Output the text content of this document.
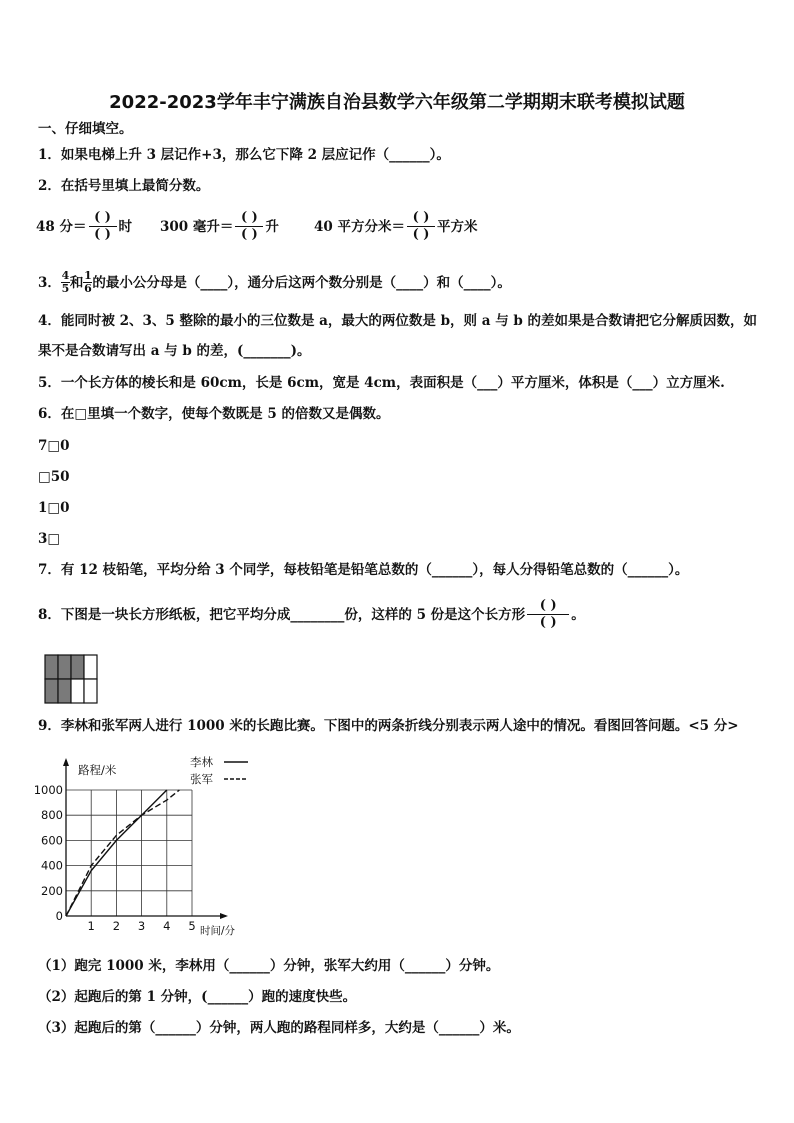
2022-2023学年丰宁满族自治县数学六年级第二学期期末联考模拟试题
一、仔细填空。
1．如果电梯上升 3 层记作+3，那么它下降 2 层应记作（______）。
2．在括号里填上最简分数。
48 分＝ $\frac{( )}{( )}$ 时 300 毫升＝ $\frac{( )}{( )}$ 升	40 平方分米＝ $\frac{( )}{( )}$ 平方米
3． $\frac{4}{5}$ 和 $\frac{1}{6}$ 的最小公分母是（____），通分后这两个数分别是（____）和（____）。
4．能同时被 2、3、5 整除的最小的三位数是 a，最大的两位数是 b，则 a 与 b 的差如果是合数请把它分解质因数，如
果不是合数请写出 a 与 b 的差，(_______)。
5．一个长方体的棱长和是 60cm，长是 6cm，宽是 4cm，表面积是（___）平方厘米，体积是（___）立方厘米.
6．在□里填一个数字，使每个数既是 5 的倍数又是偶数。
7□0
□50
1□0
3□
7．有 12 枝铅笔，平均分给 3 个同学，每枝铅笔是铅笔总数的（______），每人分得铅笔总数的（______）。
8．下图是一块长方形纸板，把它平均分成________份，这样的 5 份是这个长方形 $\frac{( )}{( )}$ 。
9．李林和张军两人进行 1000 米的长跑比赛。下图中的两条折线分别表示两人途中的情况。看图回答问题。<5 分>
0
200
400
600
800
1000
1 2 3 4 5
路程/米
时间/分
李林
张军
（1）跑完 1000 米，李林用（______）分钟，张军大约用（______）分钟。
（2）起跑后的第 1 分钟，(______）跑的速度快些。
（3）起跑后的第（______）分钟，两人跑的路程同样多，大约是（______）米。
